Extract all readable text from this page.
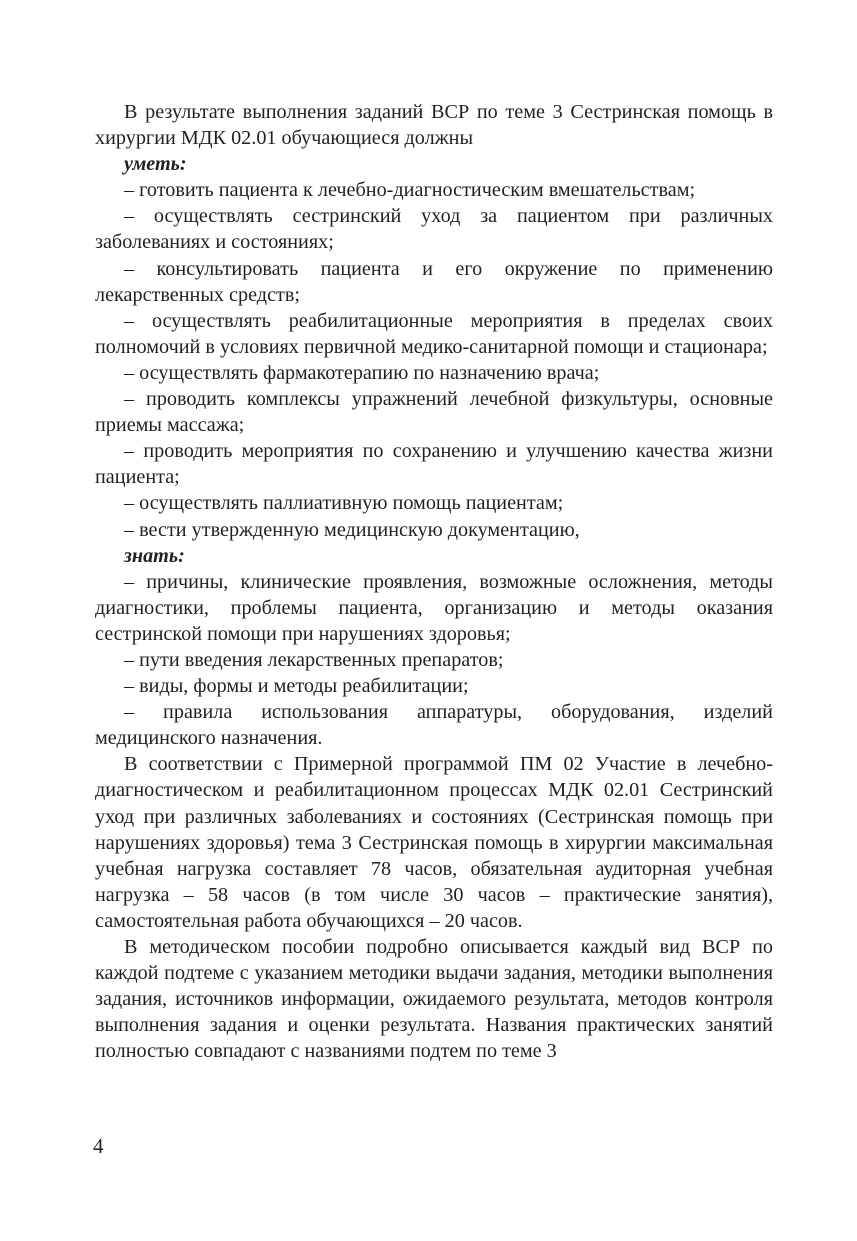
В результате выполнения заданий ВСР по теме 3 Сестринская помощь в хирургии МДК 02.01 обучающиеся должны

уметь:

– готовить пациента к лечебно-диагностическим вмешательствам;

– осуществлять сестринский уход за пациентом при различных заболеваниях и состояниях;

– консультировать пациента и его окружение по применению лекарственных средств;

– осуществлять реабилитационные мероприятия в пределах своих полномочий в условиях первичной медико-санитарной помощи и стационара;

– осуществлять фармакотерапию по назначению врача;

– проводить комплексы упражнений лечебной физкультуры, основные приемы массажа;

– проводить мероприятия по сохранению и улучшению качества жизни пациента;

– осуществлять паллиативную помощь пациентам;

– вести утвержденную медицинскую документацию,

знать:

– причины, клинические проявления, возможные осложнения, методы диагностики, проблемы пациента, организацию и методы оказания сестринской помощи при нарушениях здоровья;

– пути введения лекарственных препаратов;

– виды, формы и методы реабилитации;

– правила использования аппаратуры, оборудования, изделий медицинского назначения.

В соответствии с Примерной программой ПМ 02 Участие в лечебно-диагностическом и реабилитационном процессах МДК 02.01 Сестринский уход при различных заболеваниях и состояниях (Сестринская помощь при нарушениях здоровья) тема 3 Сестринская помощь в хирургии максимальная учебная нагрузка составляет 78 часов, обязательная аудиторная учебная нагрузка – 58 часов (в том числе 30 часов – практические занятия), самостоятельная работа обучающихся – 20 часов.

В методическом пособии подробно описывается каждый вид ВСР по каждой подтеме с указанием методики выдачи задания, методики выполнения задания, источников информации, ожидаемого результата, методов контроля выполнения задания и оценки результата. Названия практических занятий полностью совпадают с названиями подтем по теме 3

4
